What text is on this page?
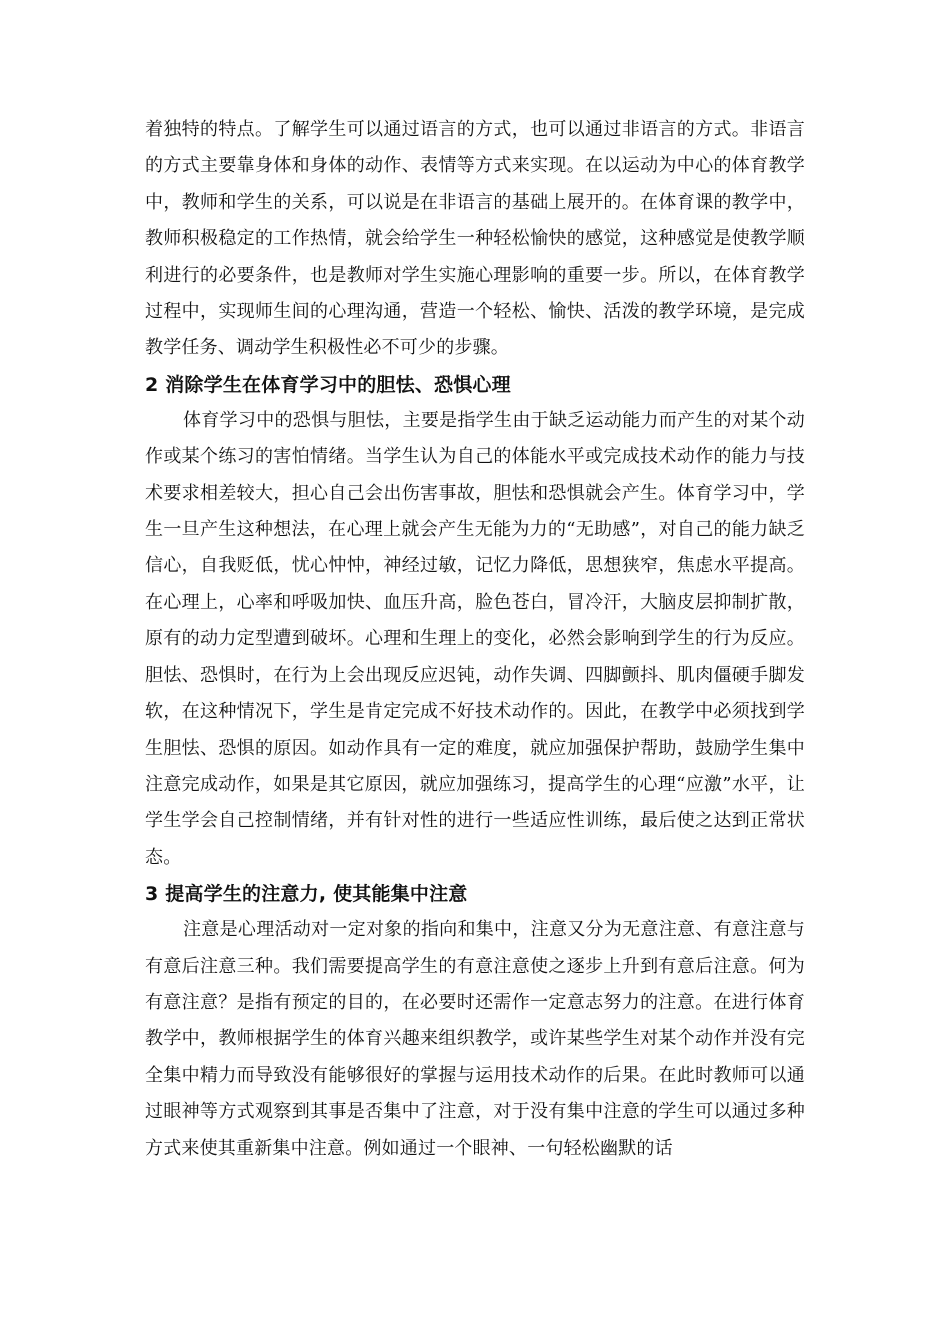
着独特的特点。了解学生可以通过语言的方式，也可以通过非语言的方式。非语言的方式主要靠身体和身体的动作、表情等方式来实现。在以运动为中心的体育教学中，教师和学生的关系，可以说是在非语言的基础上展开的。在体育课的教学中，教师积极稳定的工作热情，就会给学生一种轻松愉快的感觉，这种感觉是使教学顺利进行的必要条件，也是教师对学生实施心理影响的重要一步。所以，在体育教学过程中，实现师生间的心理沟通，营造一个轻松、愉快、活泼的教学环境，是完成教学任务、调动学生积极性必不可少的步骤。

2 消除学生在体育学习中的胆怯、恐惧心理

体育学习中的恐惧与胆怯，主要是指学生由于缺乏运动能力而产生的对某个动作或某个练习的害怕情绪。当学生认为自己的体能水平或完成技术动作的能力与技术要求相差较大，担心自己会出伤害事故，胆怯和恐惧就会产生。体育学习中，学生一旦产生这种想法，在心理上就会产生无能为力的“无助感”，对自己的能力缺乏信心，自我贬低，忧心忡忡，神经过敏，记忆力降低，思想狭窄，焦虑水平提高。在心理上，心率和呼吸加快、血压升高，脸色苍白，冒冷汗，大脑皮层抑制扩散，原有的动力定型遭到破坏。心理和生理上的变化，必然会影响到学生的行为反应。胆怯、恐惧时，在行为上会出现反应迟钝，动作失调、四脚颤抖、肌肉僵硬手脚发软，在这种情况下，学生是肯定完成不好技术动作的。因此，在教学中必须找到学生胆怯、恐惧的原因。如动作具有一定的难度，就应加强保护帮助，鼓励学生集中注意完成动作，如果是其它原因，就应加强练习，提高学生的心理“应激”水平，让学生学会自己控制情绪，并有针对性的进行一些适应性训练，最后使之达到正常状态。

3 提高学生的注意力, 使其能集中注意

注意是心理活动对一定对象的指向和集中，注意又分为无意注意、有意注意与有意后注意三种。我们需要提高学生的有意注意使之逐步上升到有意后注意。何为有意注意？是指有预定的目的，在必要时还需作一定意志努力的注意。在进行体育教学中，教师根据学生的体育兴趣来组织教学，或许某些学生对某个动作并没有完全集中精力而导致没有能够很好的掌握与运用技术动作的后果。在此时教师可以通过眼神等方式观察到其事是否集中了注意，对于没有集中注意的学生可以通过多种方式来使其重新集中注意。例如通过一个眼神、一句轻松幽默的话
